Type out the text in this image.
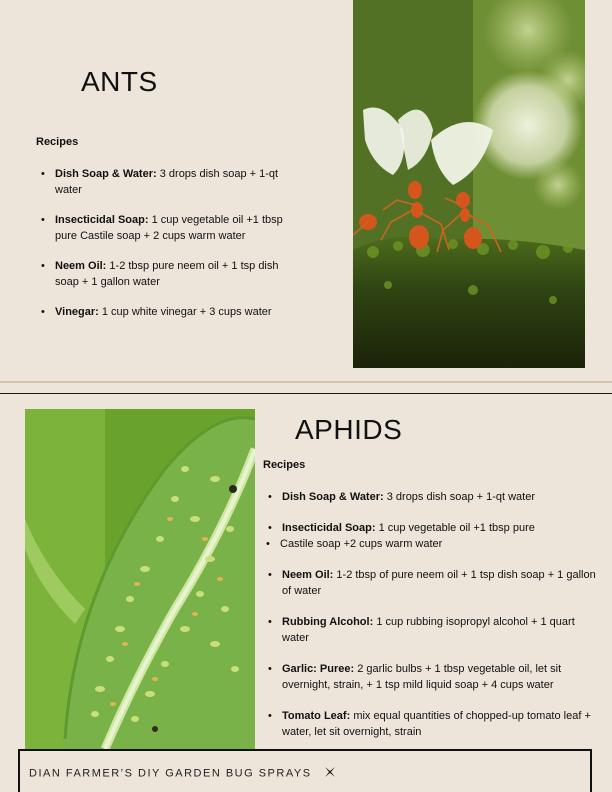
ANTS
Recipes
• Dish Soap & Water: 3 drops dish soap + 1-qt water
• Insecticidal Soap: 1 cup vegetable oil +1 tbsp pure Castile soap + 2 cups warm water
• Neem Oil: 1-2 tbsp pure neem oil + 1 tsp dish soap + 1 gallon water
• Vinegar: 1 cup white vinegar + 3 cups water
APHIDS
Recipes
• Dish Soap & Water: 3 drops dish soap + 1-qt water
• Insecticidal Soap: 1 cup vegetable oil +1 tbsp pure
• Castile soap +2 cups warm water
• Neem Oil: 1-2 tbsp of pure neem oil + 1 tsp dish soap + 1 gallon of water
• Rubbing Alcohol: 1 cup rubbing isopropyl alcohol + 1 quart water
• Garlic: Puree: 2 garlic bulbs + 1 tbsp vegetable oil, let sit overnight, strain, + 1 tsp mild liquid soap + 4 cups water
• Tomato Leaf: mix equal quantities of chopped-up tomato leaf + water, let sit overnight, strain
DIAN FARMER’S DIY GARDEN BUG SPRAYS
